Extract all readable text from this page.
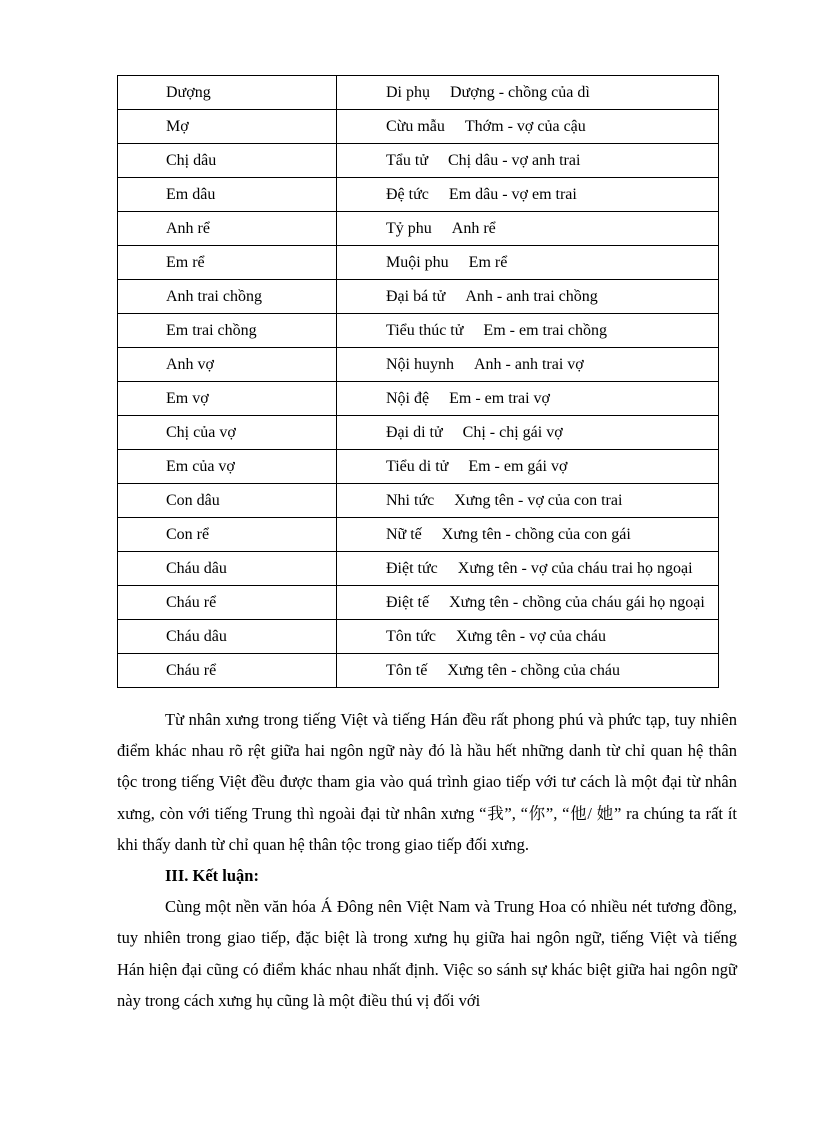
Dượng	Di phụ Dượng - chồng của dì
Mợ	Cừu mẫu Thớm - vợ của cậu
Chị dâu	Tẩu tử Chị dâu - vợ anh trai
Em dâu	Đệ tức Em dâu - vợ em trai
Anh rể	Tỷ phu Anh rể
Em rể	Muội phu Em rể
Anh trai chồng	Đại bá tử Anh - anh trai chồng
Em trai chồng	Tiểu thúc tử Em - em trai chồng
Anh vợ	Nội huynh Anh - anh trai vợ
Em vợ	Nội đệ Em - em trai vợ
Chị của vợ	Đại di tử Chị - chị gái vợ
Em của vợ	Tiểu di tử Em - em gái vợ
Con dâu	Nhi tức Xưng tên - vợ của con trai
Con rể	Nữ tế Xưng tên - chồng của con gái
Cháu dâu	Điệt tức Xưng tên - vợ của cháu trai họ ngoại
Cháu rể	Điệt tế Xưng tên - chồng của cháu gái họ ngoại
Cháu dâu	Tôn tức Xưng tên - vợ của cháu
Cháu rể	Tôn tế Xưng tên - chồng của cháu

Từ nhân xưng trong tiếng Việt và tiếng Hán đều rất phong phú và phức tạp, tuy nhiên điểm khác nhau rõ rệt giữa hai ngôn ngữ này đó là hầu hết những danh từ chỉ quan hệ thân tộc trong tiếng Việt đều được tham gia vào quá trình giao tiếp với tư cách là một đại từ nhân xưng, còn với tiếng Trung thì ngoài đại từ nhân xưng “我”, “你”, “他/ 她” ra chúng ta rất ít khi thấy danh từ chỉ quan hệ thân tộc trong giao tiếp đối xưng.

III. Kết luận:

Cùng một nền văn hóa Á Đông nên Việt Nam và Trung Hoa có nhiều nét tương đồng, tuy nhiên trong giao tiếp, đặc biệt là trong xưng hụ giữa hai ngôn ngữ, tiếng Việt và tiếng Hán hiện đại cũng có điểm khác nhau nhất định. Việc so sánh sự khác biệt giữa hai ngôn ngữ này trong cách xưng hụ cũng là một điều thú vị đối với
